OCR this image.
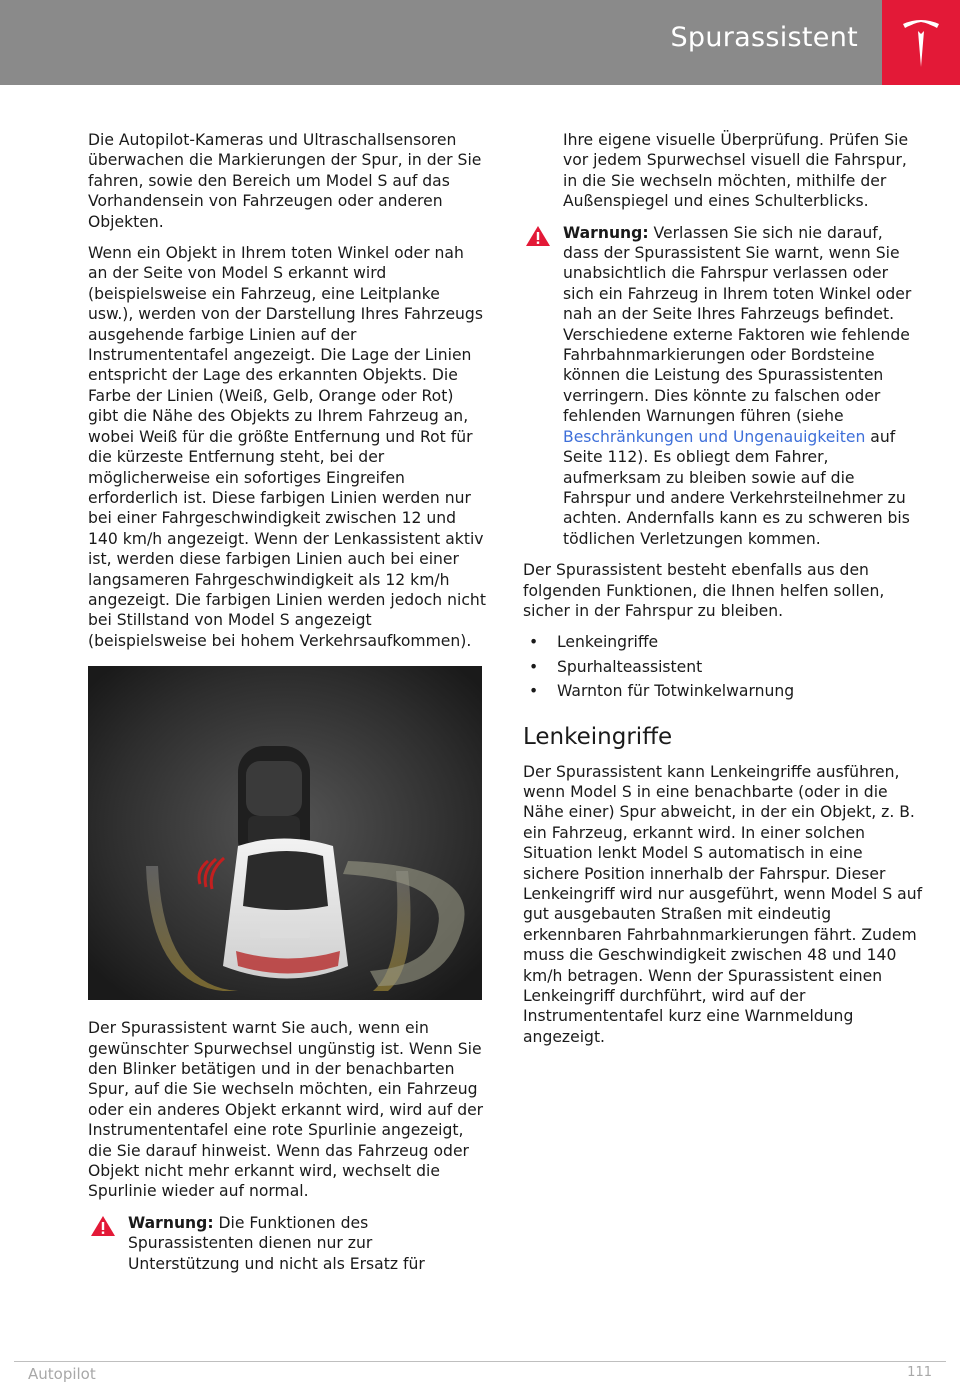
Spurassistent

Die Autopilot-Kameras und Ultraschallsensoren überwachen die Markierungen der Spur, in der Sie fahren, sowie den Bereich um Model S auf das Vorhandensein von Fahrzeugen oder anderen Objekten.

Wenn ein Objekt in Ihrem toten Winkel oder nah an der Seite von Model S erkannt wird (beispielsweise ein Fahrzeug, eine Leitplanke usw.), werden von der Darstellung Ihres Fahrzeugs ausgehende farbige Linien auf der Instrumententafel angezeigt. Die Lage der Linien entspricht der Lage des erkannten Objekts. Die Farbe der Linien (Weiß, Gelb, Orange oder Rot) gibt die Nähe des Objekts zu Ihrem Fahrzeug an, wobei Weiß für die größte Entfernung und Rot für die kürzeste Entfernung steht, bei der möglicherweise ein sofortiges Eingreifen erforderlich ist. Diese farbigen Linien werden nur bei einer Fahrgeschwindigkeit zwischen 12 und 140 km/h angezeigt. Wenn der Lenkassistent aktiv ist, werden diese farbigen Linien auch bei einer langsameren Fahrgeschwindigkeit als 12 km/h angezeigt. Die farbigen Linien werden jedoch nicht bei Stillstand von Model S angezeigt (beispielsweise bei hohem Verkehrsaufkommen).

Der Spurassistent warnt Sie auch, wenn ein gewünschter Spurwechsel ungünstig ist. Wenn Sie den Blinker betätigen und in der benachbarten Spur, auf die Sie wechseln möchten, ein Fahrzeug oder ein anderes Objekt erkannt wird, wird auf der Instrumententafel eine rote Spurlinie angezeigt, die Sie darauf hinweist. Wenn das Fahrzeug oder Objekt nicht mehr erkannt wird, wechselt die Spurlinie wieder auf normal.

Warnung: Die Funktionen des Spurassistenten dienen nur zur Unterstützung und nicht als Ersatz für

Ihre eigene visuelle Überprüfung. Prüfen Sie vor jedem Spurwechsel visuell die Fahrspur, in die Sie wechseln möchten, mithilfe der Außenspiegel und eines Schulterblicks.

Warnung: Verlassen Sie sich nie darauf, dass der Spurassistent Sie warnt, wenn Sie unabsichtlich die Fahrspur verlassen oder sich ein Fahrzeug in Ihrem toten Winkel oder nah an der Seite Ihres Fahrzeugs befindet. Verschiedene externe Faktoren wie fehlende Fahrbahnmarkierungen oder Bordsteine können die Leistung des Spurassistenten verringern. Dies könnte zu falschen oder fehlenden Warnungen führen (siehe Beschränkungen und Ungenauigkeiten auf Seite 112). Es obliegt dem Fahrer, aufmerksam zu bleiben sowie auf die Fahrspur und andere Verkehrsteilnehmer zu achten. Andernfalls kann es zu schweren bis tödlichen Verletzungen kommen.

Der Spurassistent besteht ebenfalls aus den folgenden Funktionen, die Ihnen helfen sollen, sicher in der Fahrspur zu bleiben.

• Lenkeingriffe
• Spurhalteassistent
• Warnton für Totwinkelwarnung
Lenkeingriffe

Der Spurassistent kann Lenkeingriffe ausführen, wenn Model S in eine benachbarte (oder in die Nähe einer) Spur abweicht, in der ein Objekt, z. B. ein Fahrzeug, erkannt wird. In einer solchen Situation lenkt Model S automatisch in eine sichere Position innerhalb der Fahrspur. Dieser Lenkeingriff wird nur ausgeführt, wenn Model S auf gut ausgebauten Straßen mit eindeutig erkennbaren Fahrbahnmarkierungen fährt. Zudem muss die Geschwindigkeit zwischen 48 und 140 km/h betragen. Wenn der Spurassistent einen Lenkeingriff durchführt, wird auf der Instrumententafel kurz eine Warnmeldung angezeigt.

Autopilot	111
